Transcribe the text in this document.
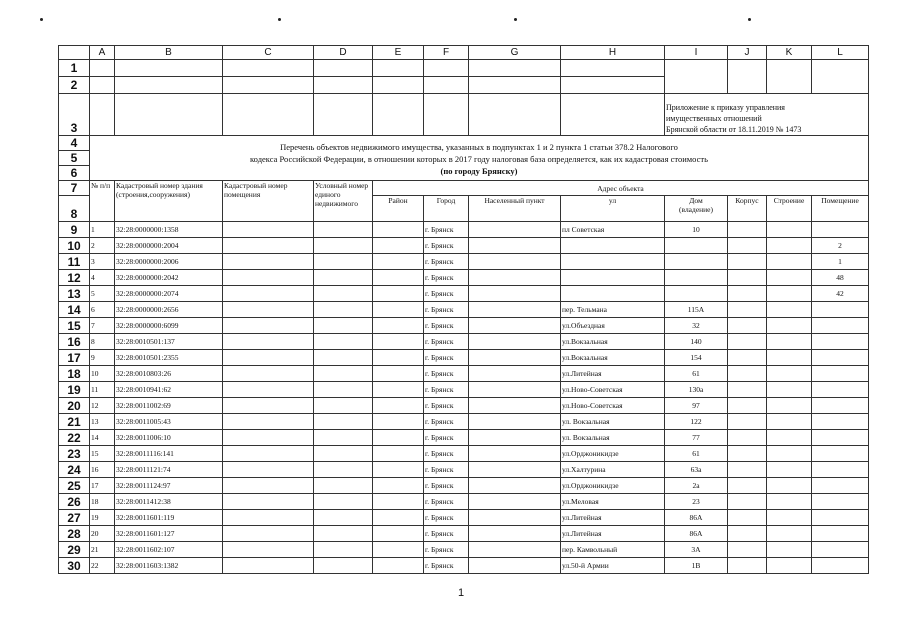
	A	B	C	D	E	F	G	H	I	J	K	L
1												
2												
3									Приложение к приказу управления
имущественных отношений
Брянской области от 18.11.2019 № 1473			

4	Перечень объектов недвижимого имущества, указанных в подпунктах 1 и 2 пункта 1 статьи 378.2 Налогового
кодекса Российской Федерации, в отношении которых в 2017 году налоговая база определяется, как их кадастровая стоимость
(по городу Брянску)											

5												
6												
7	№ п/п	Кадастровый номер здания (строения,сооружения)	Кадастровый номер помещения	Условный номер единого недвижимого	Адрес объекта							
8					Район	Город	Населенный пункт	ул	Дом (владение)	Корпус	Строение	Помещение
9	1	32:28:0000000:1358				г. Брянск		пл Советская	10			
10	2	32:28:0000000:2004				г. Брянск						2
11	3	32:28:0000000:2006				г. Брянск						1
12	4	32:28:0000000:2042				г. Брянск						48
13	5	32:28:0000000:2074				г. Брянск						42
14	6	32:28:0000000:2656				г. Брянск		пер. Тельмана	115А			
15	7	32:28:0000000:6099				г. Брянск		ул.Объездная	32			
16	8	32:28:0010501:137				г. Брянск		ул.Вокзальная	140			
17	9	32:28:0010501:2355				г. Брянск		ул.Вокзальная	154			
18	10	32:28:0010803:26				г. Брянск		ул.Литейная	61			
19	11	32:28:0010941:62				г. Брянск		ул.Ново-Советская	130а			
20	12	32:28:0011002:69				г. Брянск		ул.Ново-Советская	97			
21	13	32:28:0011005:43				г. Брянск		ул. Вокзальная	122			
22	14	32:28:0011006:10				г. Брянск		ул. Вокзальная	77			
23	15	32:28:0011116:141				г. Брянск		ул.Орджоникидзе	61			
24	16	32:28:0011121:74				г. Брянск		ул.Халтурина	63а			
25	17	32:28:0011124:97				г. Брянск		ул.Орджоникидзе	2а			
26	18	32:28:0011412:38				г. Брянск		ул.Меловая	23			
27	19	32:28:0011601:119				г. Брянск		ул.Литейная	86А			
28	20	32:28:0011601:127				г. Брянск		ул.Литейная	86А			
29	21	32:28:0011602:107				г. Брянск		пер. Камвольный	3А			
30	22	32:28:0011603:1382				г. Брянск		ул.50-й Армии	1В			
1
